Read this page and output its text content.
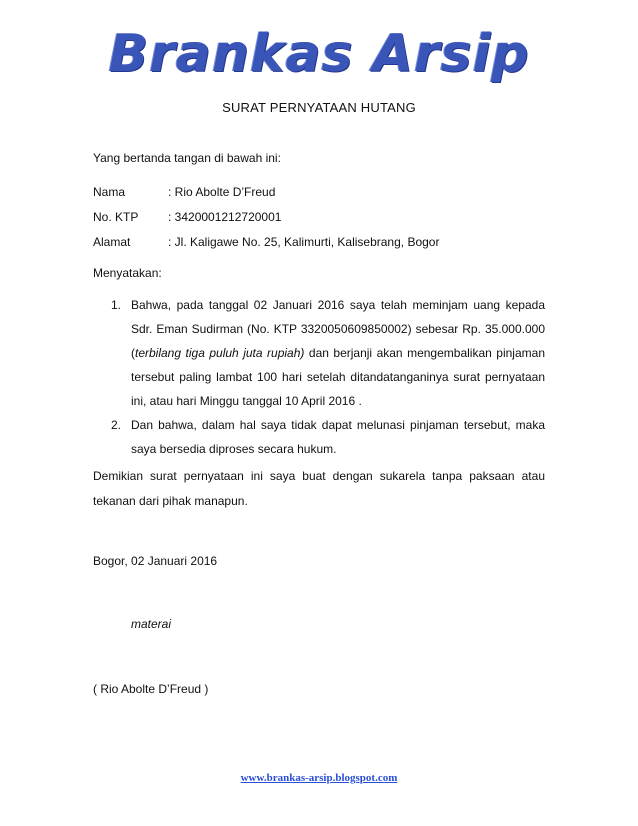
Brankas Arsip
SURAT PERNYATAAN HUTANG
Yang bertanda tangan di bawah ini:
Nama	: Rio Abolte D’Freud
No. KTP : 3420001212720001
Alamat	: Jl. Kaligawe No. 25, Kalimurti, Kalisebrang, Bogor
Menyatakan:
1. Bahwa, pada tanggal 02 Januari 2016 saya telah meminjam uang kepada Sdr. Eman Sudirman (No. KTP 3320050609850002) sebesar Rp. 35.000.000 (terbilang tiga puluh juta rupiah) dan berjanji akan mengembalikan pinjaman tersebut paling lambat 100 hari setelah ditandatanganinya surat pernyataan ini, atau hari Minggu tanggal 10 April 2016 .
2. Dan bahwa, dalam hal saya tidak dapat melunasi pinjaman tersebut, maka saya bersedia diproses secara hukum.
Demikian surat pernyataan ini saya buat dengan sukarela tanpa paksaan atau tekanan dari pihak manapun.
Bogor, 02 Januari 2016
materai
( Rio Abolte D’Freud )
www.brankas-arsip.blogspot.com
